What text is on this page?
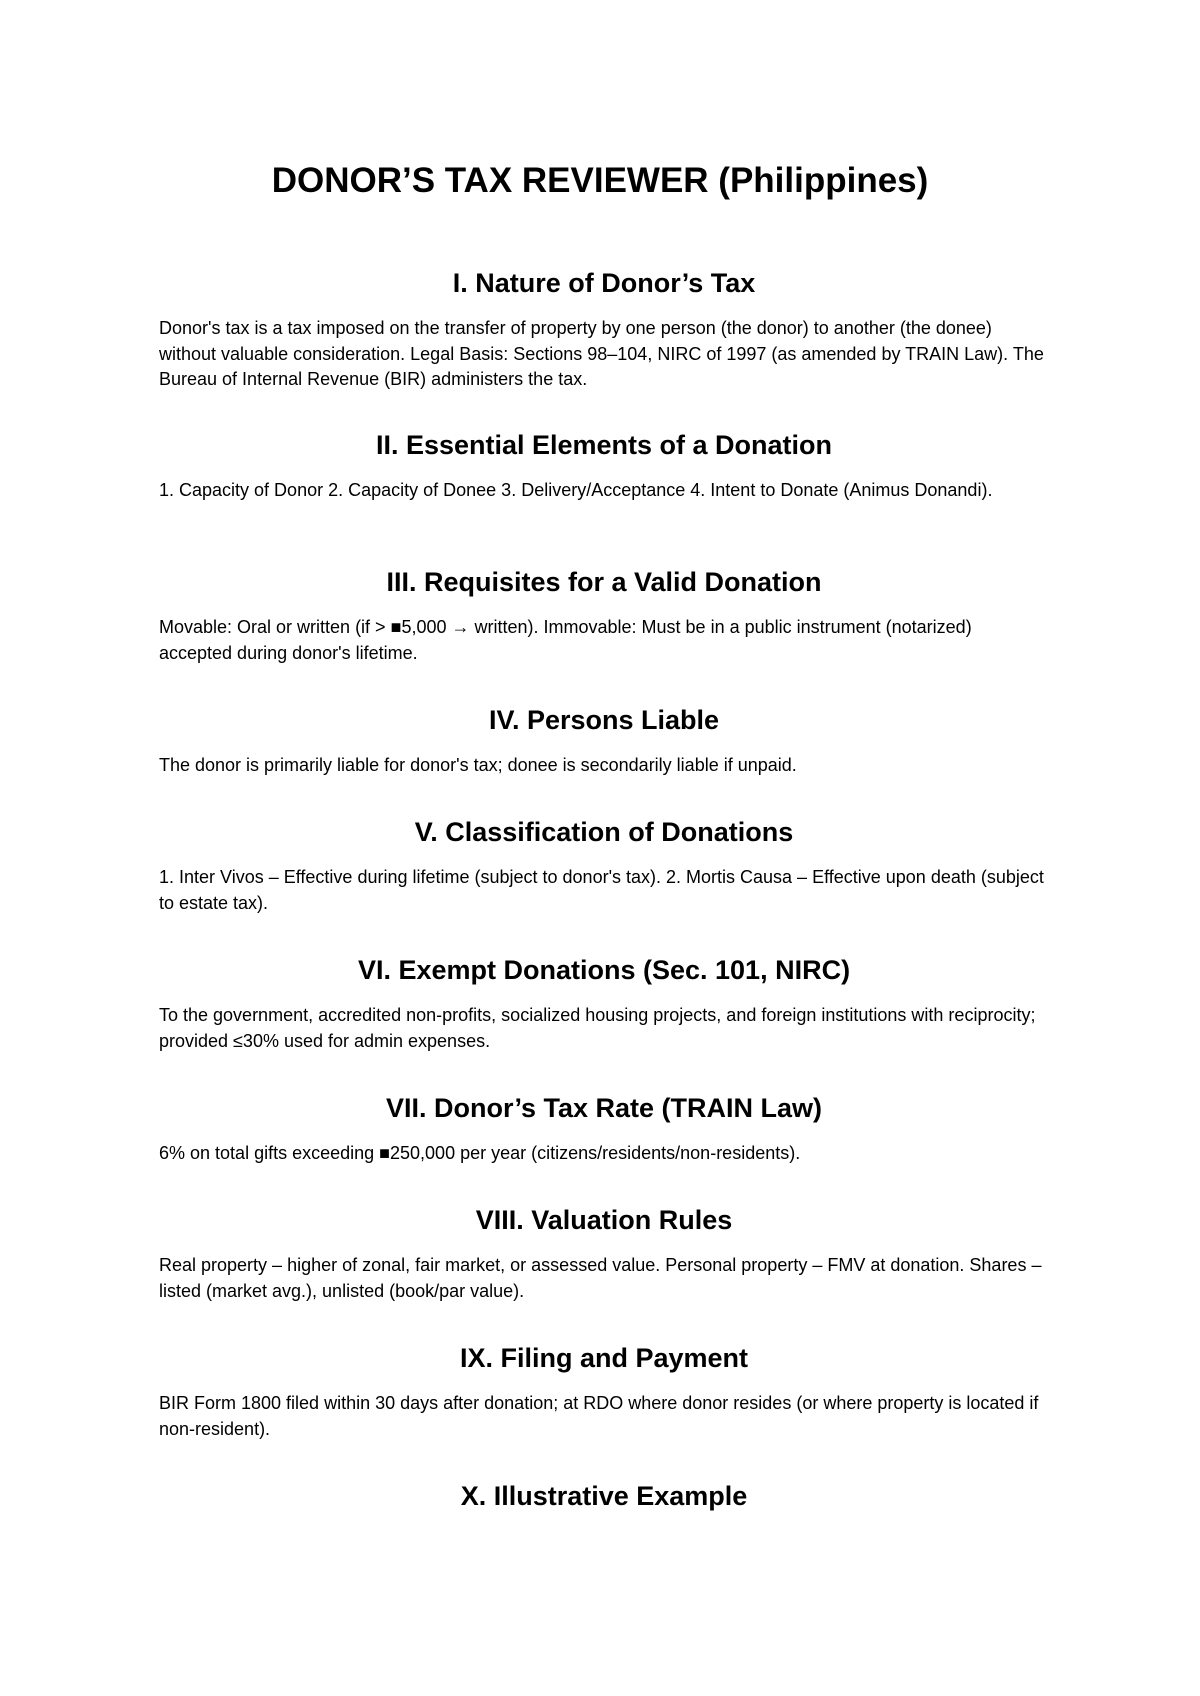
DONOR’S TAX REVIEWER (Philippines)
I. Nature of Donor’s Tax

Donor's tax is a tax imposed on the transfer of property by one person (the donor) to another (the donee) without valuable consideration. Legal Basis: Sections 98–104, NIRC of 1997 (as amended by TRAIN Law). The Bureau of Internal Revenue (BIR) administers the tax.

II. Essential Elements of a Donation

1. Capacity of Donor 2. Capacity of Donee 3. Delivery/Acceptance 4. Intent to Donate (Animus Donandi).

III. Requisites for a Valid Donation

Movable: Oral or written (if > ■5,000 → written). Immovable: Must be in a public instrument (notarized) accepted during donor's lifetime.

IV. Persons Liable

The donor is primarily liable for donor's tax; donee is secondarily liable if unpaid.

V. Classification of Donations

1. Inter Vivos – Effective during lifetime (subject to donor's tax). 2. Mortis Causa – Effective upon death (subject to estate tax).

VI. Exempt Donations (Sec. 101, NIRC)

To the government, accredited non-profits, socialized housing projects, and foreign institutions with reciprocity; provided ≤30% used for admin expenses.

VII. Donor’s Tax Rate (TRAIN Law)

6% on total gifts exceeding ■250,000 per year (citizens/residents/non-residents).

VIII. Valuation Rules

Real property – higher of zonal, fair market, or assessed value. Personal property – FMV at donation. Shares – listed (market avg.), unlisted (book/par value).

IX. Filing and Payment

BIR Form 1800 filed within 30 days after donation; at RDO where donor resides (or where property is located if non-resident).

X. Illustrative Example
